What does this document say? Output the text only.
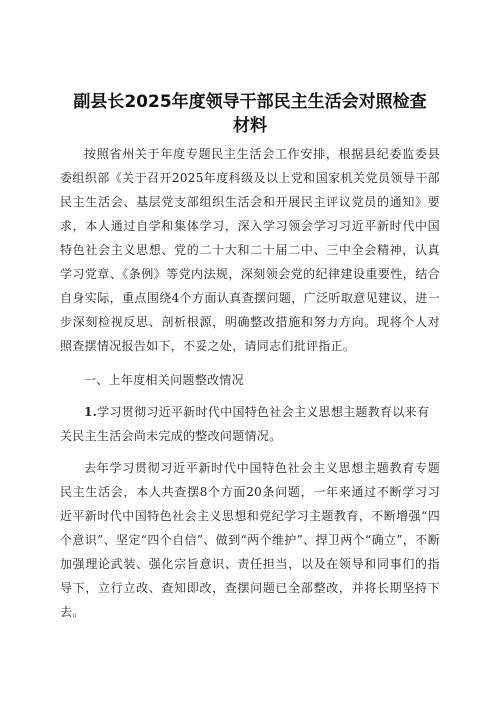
副县长2025年度领导干部民主生活会对照检查
材料

按照省州关于年度专题民主生活会工作安排，根据县纪委监委县委组织部《关于召开2025年度科级及以上党和国家机关党员领导干部民主生活会、基层党支部组织生活会和开展民主评议党员的通知》要求，本人通过自学和集体学习，深入学习领会学习习近平新时代中国特色社会主义思想、党的二十大和二十届二中、三中全会精神，认真学习党章、《条例》等党内法规，深刻领会党的纪律建设重要性，结合自身实际，重点围绕4个方面认真查摆问题，广泛听取意见建议，进一步深刻检视反思、剖析根源，明确整改措施和努力方向。现将个人对照查摆情况报告如下，不妥之处，请同志们批评指正。

一、上年度相关问题整改情况

1.学习贯彻习近平新时代中国特色社会主义思想主题教育以来有关民主生活会尚未完成的整改问题情况。

去年学习贯彻习近平新时代中国特色社会主义思想主题教育专题民主生活会，本人共查摆8个方面20条问题，一年来通过不断学习习近平新时代中国特色社会主义思想和党纪学习主题教育，不断增强“四个意识”、坚定“四个自信”、做到“两个维护”、捍卫两个“确立”，不断加强理论武装、强化宗旨意识、责任担当，以及在领导和同事们的指导下，立行立改、查知即改，查摆问题已全部整改，并将长期坚持下去。
